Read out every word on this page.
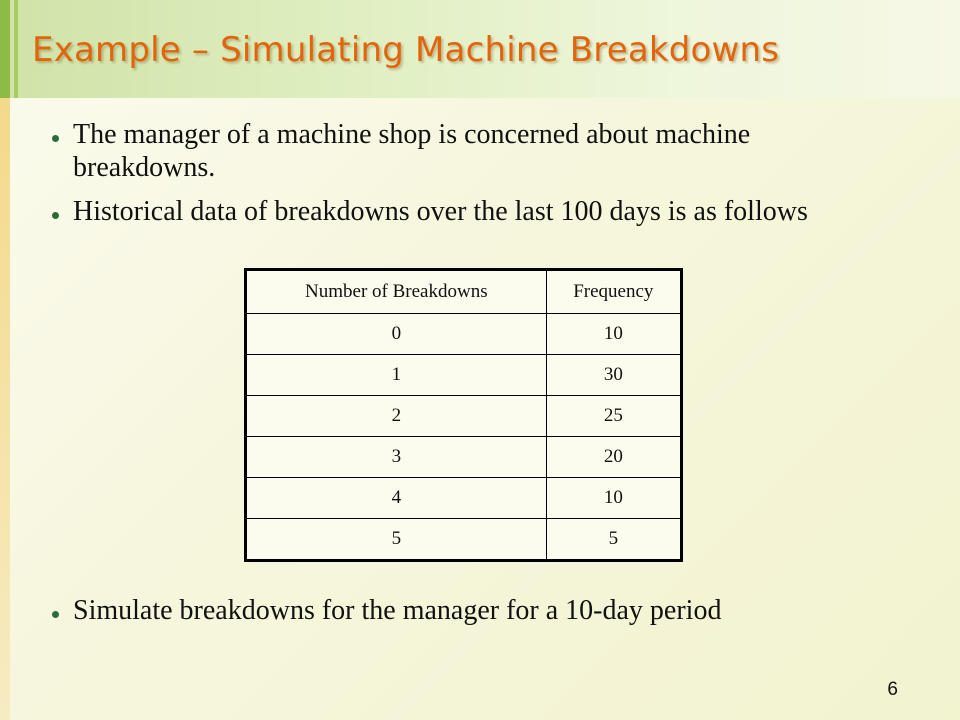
Example – Simulating Machine Breakdowns
The manager of a machine shop is concerned about machine breakdowns.
Historical data of breakdowns over the last 100 days is as follows
Number of Breakdowns	Frequency
0	10
1	30
2	25
3	20
4	10
5	5
Simulate breakdowns for the manager for a 10-day period
6
